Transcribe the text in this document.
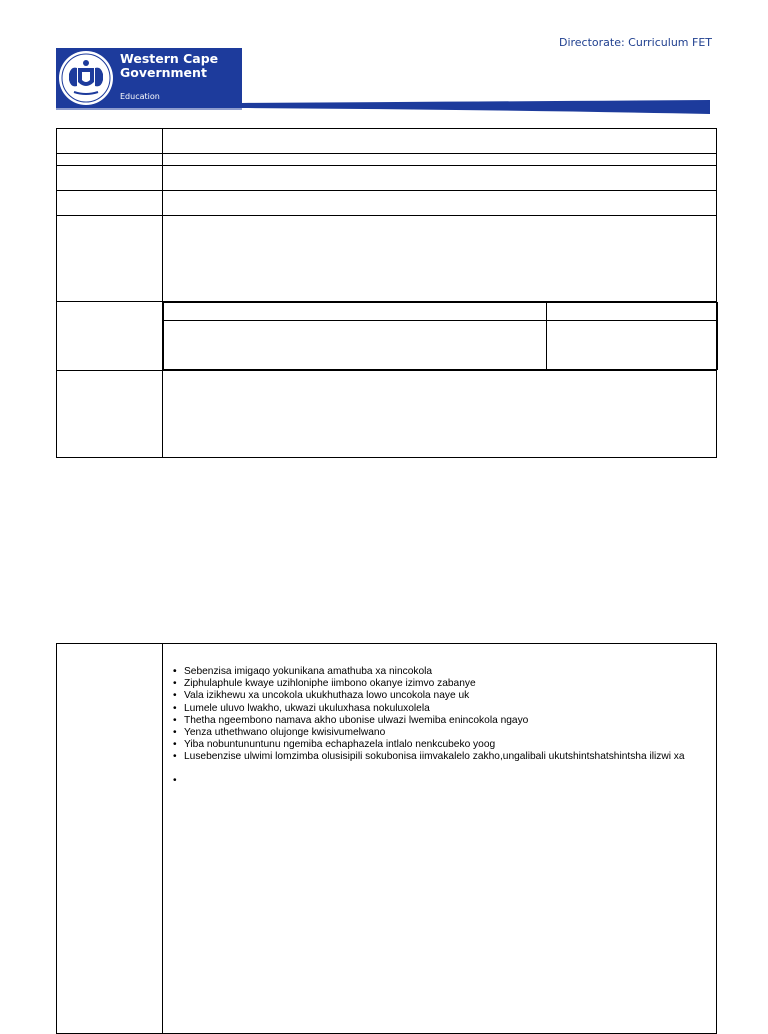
Directorate: Curriculum FET
Western Cape
Government
Education

• Sebenzisa imigaqo yokunikana amathuba xa nincokola
• Ziphulaphule kwaye uzihloniphe iimbono okanye izimvo zabanye
• Vala izikhewu xa uncokola ukukhuthaza lowo uncokola naye uk
• Lumele uluvo lwakho, ukwazi ukuluxhasa nokuluxolela
• Thetha ngeembono namava akho ubonise ulwazi lwemiba enincokola ngayo
• Yenza uthethwano olujonge kwisivumelwano
• Yiba nobuntununtunu ngemiba echaphazela intlalo nenkcubeko yoog
• Lusebenzise ulwimi lomzimba olusisipili sokubonisa iimvakalelo zakho,ungalibali ukutshintshatshintsha ilizwi xa
